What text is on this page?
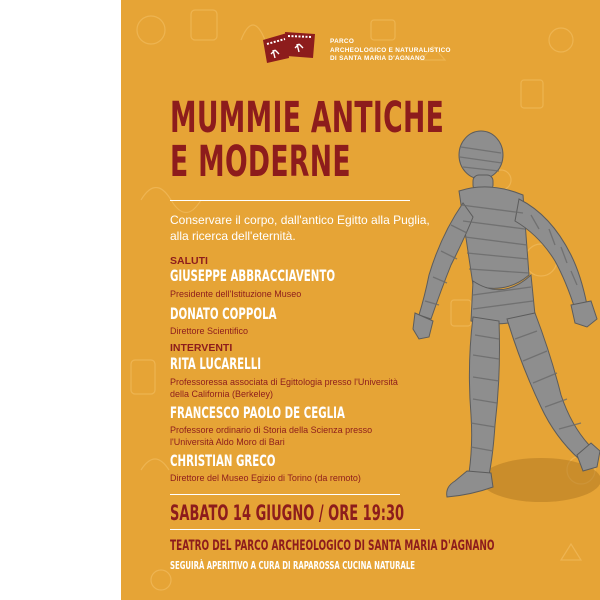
PARCO
ARCHEOLOGICO E NATURALISTICO
DI SANTA MARIA D'AGNANO
MUMMIE ANTICHE
E MODERNE
Conservare il corpo, dall'antico Egitto alla Puglia,
alla ricerca dell'eternità.
SALUTI
GIUSEPPE ABBRACCIAVENTO
Presidente dell'Istituzione Museo
DONATO COPPOLA
Direttore Scientifico
INTERVENTI
RITA LUCARELLI
Professoressa associata di Egittologia presso l'Università
della California (Berkeley)
FRANCESCO PAOLO DE CEGLIA
Professore ordinario di Storia della Scienza presso
l'Università Aldo Moro di Bari
CHRISTIAN GRECO
Direttore del Museo Egizio di Torino (da remoto)
SABATO 14 GIUGNO / ORE 19:30
TEATRO DEL PARCO ARCHEOLOGICO DI SANTA MARIA D'AGNANO
SEGUIRÀ APERITIVO A CURA DI RAPAROSSA CUCINA NATURALE
